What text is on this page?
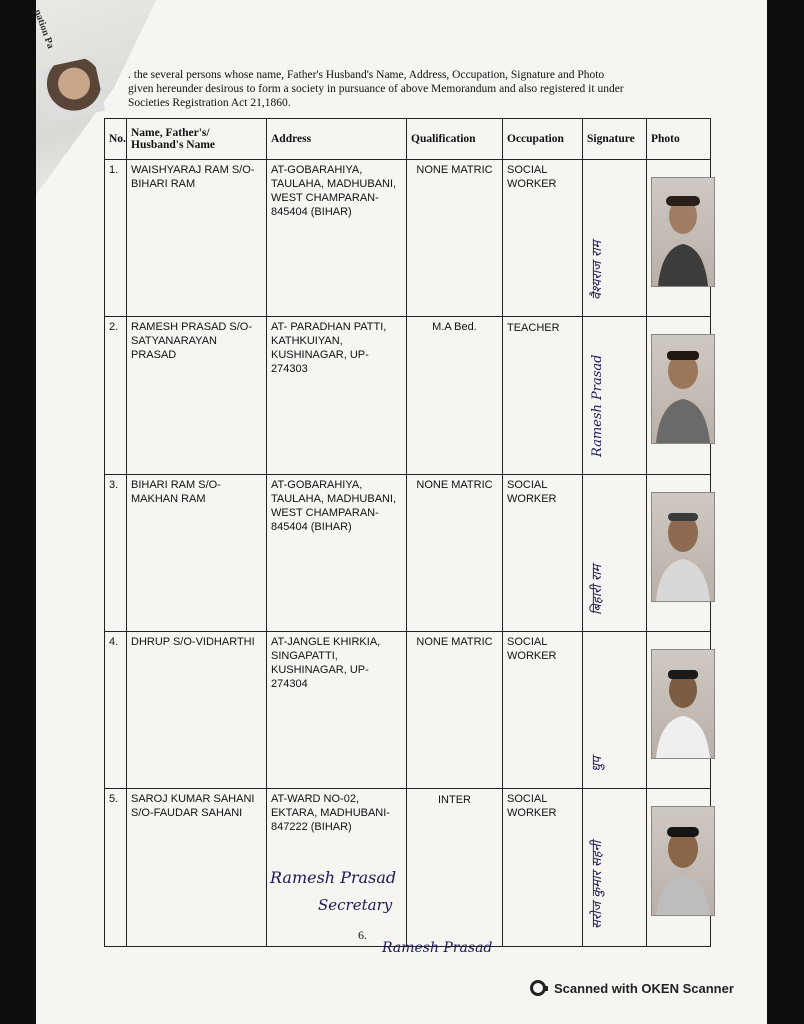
nation Pa
. the several persons whose name, Father's Husband's Name, Address, Occupation, Signature and Photo
given hereunder desirous to form a society in pursuance of above Memorandum and also registered it under
Societies Registration Act 21,1860.
No.	Name, Father's/ Husband's Name	Address	Qualification	Occupation	Signature	Photo
1.	WAISHYARAJ RAM S/O- BIHARI RAM	AT-GOBARAHIYA, TAULAHA, MADHUBANI, WEST CHAMPARAN- 845404 (BIHAR)	NONE MATRIC	SOCIAL WORKER	वैश्यराज राम

2.	RAMESH PRASAD S/O- SATYANARAYAN PRASAD	AT- PARADHAN PATTI, KATHKUIYAN, KUSHINAGAR, UP- 274303	M.A Bed.	TEACHER	Ramesh Prasad

3.	BIHARI RAM S/O-MAKHAN RAM	AT-GOBARAHIYA, TAULAHA, MADHUBANI, WEST CHAMPARAN- 845404 (BIHAR)	NONE MATRIC	SOCIAL WORKER	बिहारी राम

4.	DHRUP S/O-VIDHARTHI	AT-JANGLE KHIRKIA, SINGAPATTI, KUSHINAGAR, UP- 274304	NONE MATRIC	SOCIAL WORKER	धुप

5.	SAROJ KUMAR SAHANI S/O-FAUDAR SAHANI	AT-WARD NO-02, EKTARA, MADHUBANI- 847222 (BIHAR)	INTER	SOCIAL WORKER	सरोज कुमार सहनी

Ramesh Prasad
Secretary
6.
Ramesh Prasad
Scanned with OKEN Scanner
